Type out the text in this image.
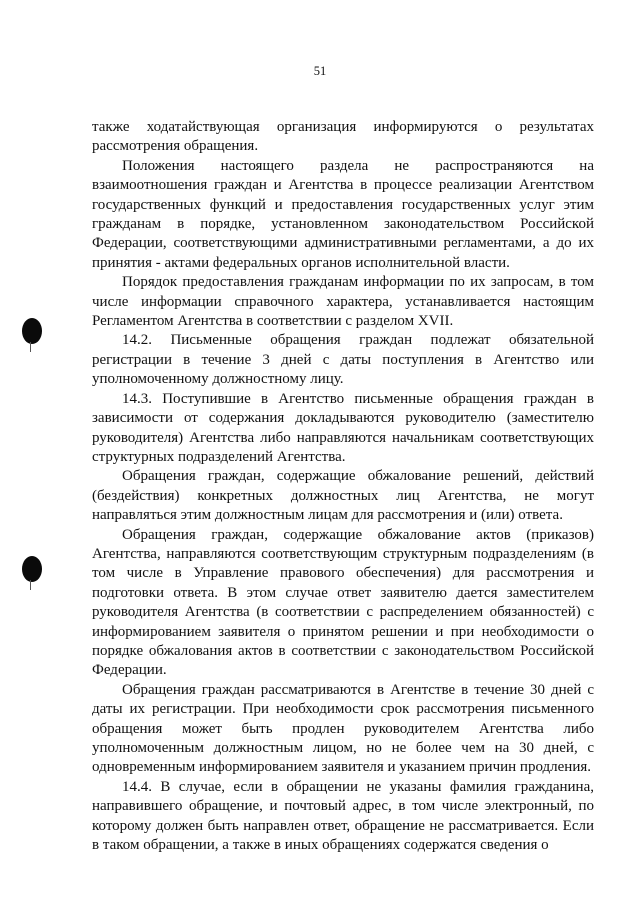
51

также ходатайствующая организация информируются о результатах рассмотрения обращения.

Положения настоящего раздела не распространяются на взаимоотношения граждан и Агентства в процессе реализации Агентством государственных функций и предоставления государственных услуг этим гражданам в порядке, установленном законодательством Российской Федерации, соответствующими административными регламентами, а до их принятия - актами федеральных органов исполнительной власти.

Порядок предоставления гражданам информации по их запросам, в том числе информации справочного характера, устанавливается настоящим Регламентом Агентства в соответствии с разделом XVII.

14.2. Письменные обращения граждан подлежат обязательной регистрации в течение 3 дней с даты поступления в Агентство или уполномоченному должностному лицу.

14.3. Поступившие в Агентство письменные обращения граждан в зависимости от содержания докладываются руководителю (заместителю руководителя) Агентства либо направляются начальникам соответствующих структурных подразделений Агентства.

Обращения граждан, содержащие обжалование решений, действий (бездействия) конкретных должностных лиц Агентства, не могут направляться этим должностным лицам для рассмотрения и (или) ответа.

Обращения граждан, содержащие обжалование актов (приказов) Агентства, направляются соответствующим структурным подразделениям (в том числе в Управление правового обеспечения) для рассмотрения и подготовки ответа. В этом случае ответ заявителю дается заместителем руководителя Агентства (в соответствии с распределением обязанностей) с информированием заявителя о принятом решении и при необходимости о порядке обжалования актов в соответствии с законодательством Российской Федерации.

Обращения граждан рассматриваются в Агентстве в течение 30 дней с даты их регистрации. При необходимости срок рассмотрения письменного обращения может быть продлен руководителем Агентства либо уполномоченным должностным лицом, но не более чем на 30 дней, с одновременным информированием заявителя и указанием причин продления.

14.4. В случае, если в обращении не указаны фамилия гражданина, направившего обращение, и почтовый адрес, в том числе электронный, по которому должен быть направлен ответ, обращение не рассматривается. Если в таком обращении, а также в иных обращениях содержатся сведения о
